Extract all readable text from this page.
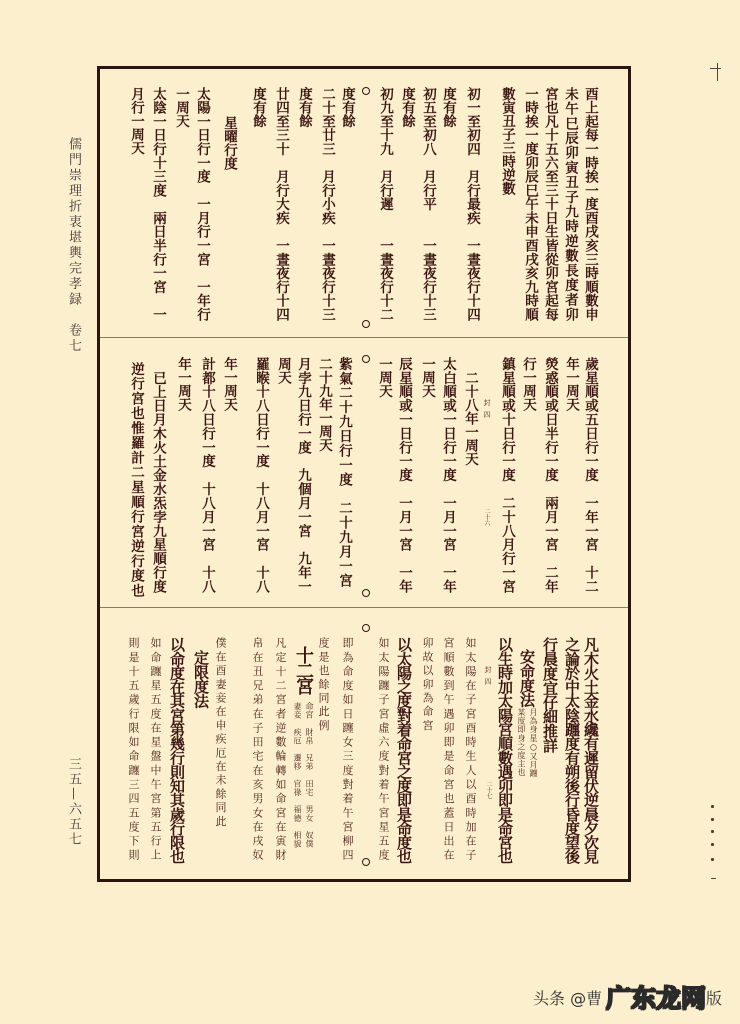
儒門崇理折衷堪輿完孝録　卷七
三五—六五七
酉上起每一時挨一度酉戌亥三時順數申
未午巳辰卯寅丑子九時逆數長度者卯
宮也凡十五六至三十日生皆從卯宮起每
一時挨一度卯辰巳午未申酉戌亥九時順
數寅丑子三時逆數
初一至初四　月行最疾　一晝夜行十四
度有餘
初五至初八　月行平　　一晝夜行十三
度有餘
初九至十九　月行遲　　一晝夜行十二
度有餘
二十至廿三　月行小疾　一晝夜行十三
度有餘
廿四至三十　月行大疾　一晝夜行十四
度有餘
星曜行度
太陽一日行一度　一月行一宮　一年行
一周天
太陰一日行十三度　兩日半行一宮　一
月行一周天
歲星順或五日行一度　一年一宮　十二
年一周天
熒惑順或日半行一度　兩月一宮　二年
行一周天
鎮星順或十日行一度　二十八月行一宮
封四
二十六
二十八年一周天
太白順或一日行一度　一月一宮　一年
一周天
辰星順或一日行一度　一月一宮　一年
一周天
紫氣二十九日行一度　二十九月一宮
二十九年一周天
月孛九日行一度　九個月一宮　九年一
周天
羅睺十八日行一度　十八月一宮　十八
年一周天
計都十八日行一度　十八月一宮　十八
年一周天
已上日月木火土金水炁孛九星順行度
逆行宮也惟羅計二星順行宮逆行度也
凡木火土金水纔有遲留伏逆晨夕次見
之論於中太陰躔度有朔後行昏度望後
行晨度宜仔細推詳
安命度法
月為身星○又月躔
某度即身之度主也
以生時加太陽宮順數遇卯即是命宮也
封四
二十七
如太陽在子宮酉時生人以酉時加在子
宮順數到午遇卯即是命宮也蓋日出在
卯故以卯為命宮
以太陽之度對着命宮之度即是命度也
如太陽躔子宮虛六度對着午宮星五度
即為命度如日躔女三度對着午宮柳四
度是也餘同此例
十二宮
命宮　財帛　兄弟　田宅　男女　奴僕
妻妾　疾厄　遷移　官祿　福德　相貌
凡定十二宮者逆數輪轉如命宮在寅財
帛在丑兄弟在子田宅在亥男女在戌奴
僕在酉妻妾在申疾厄在未餘同此
定限度法
以命度在其宮第幾行則知其歲行限也
如命躔星五度在星盤中午宮第五行上
則是十五歲行限如命躔三四五度下則
头条 @曹 广东龙网 版
